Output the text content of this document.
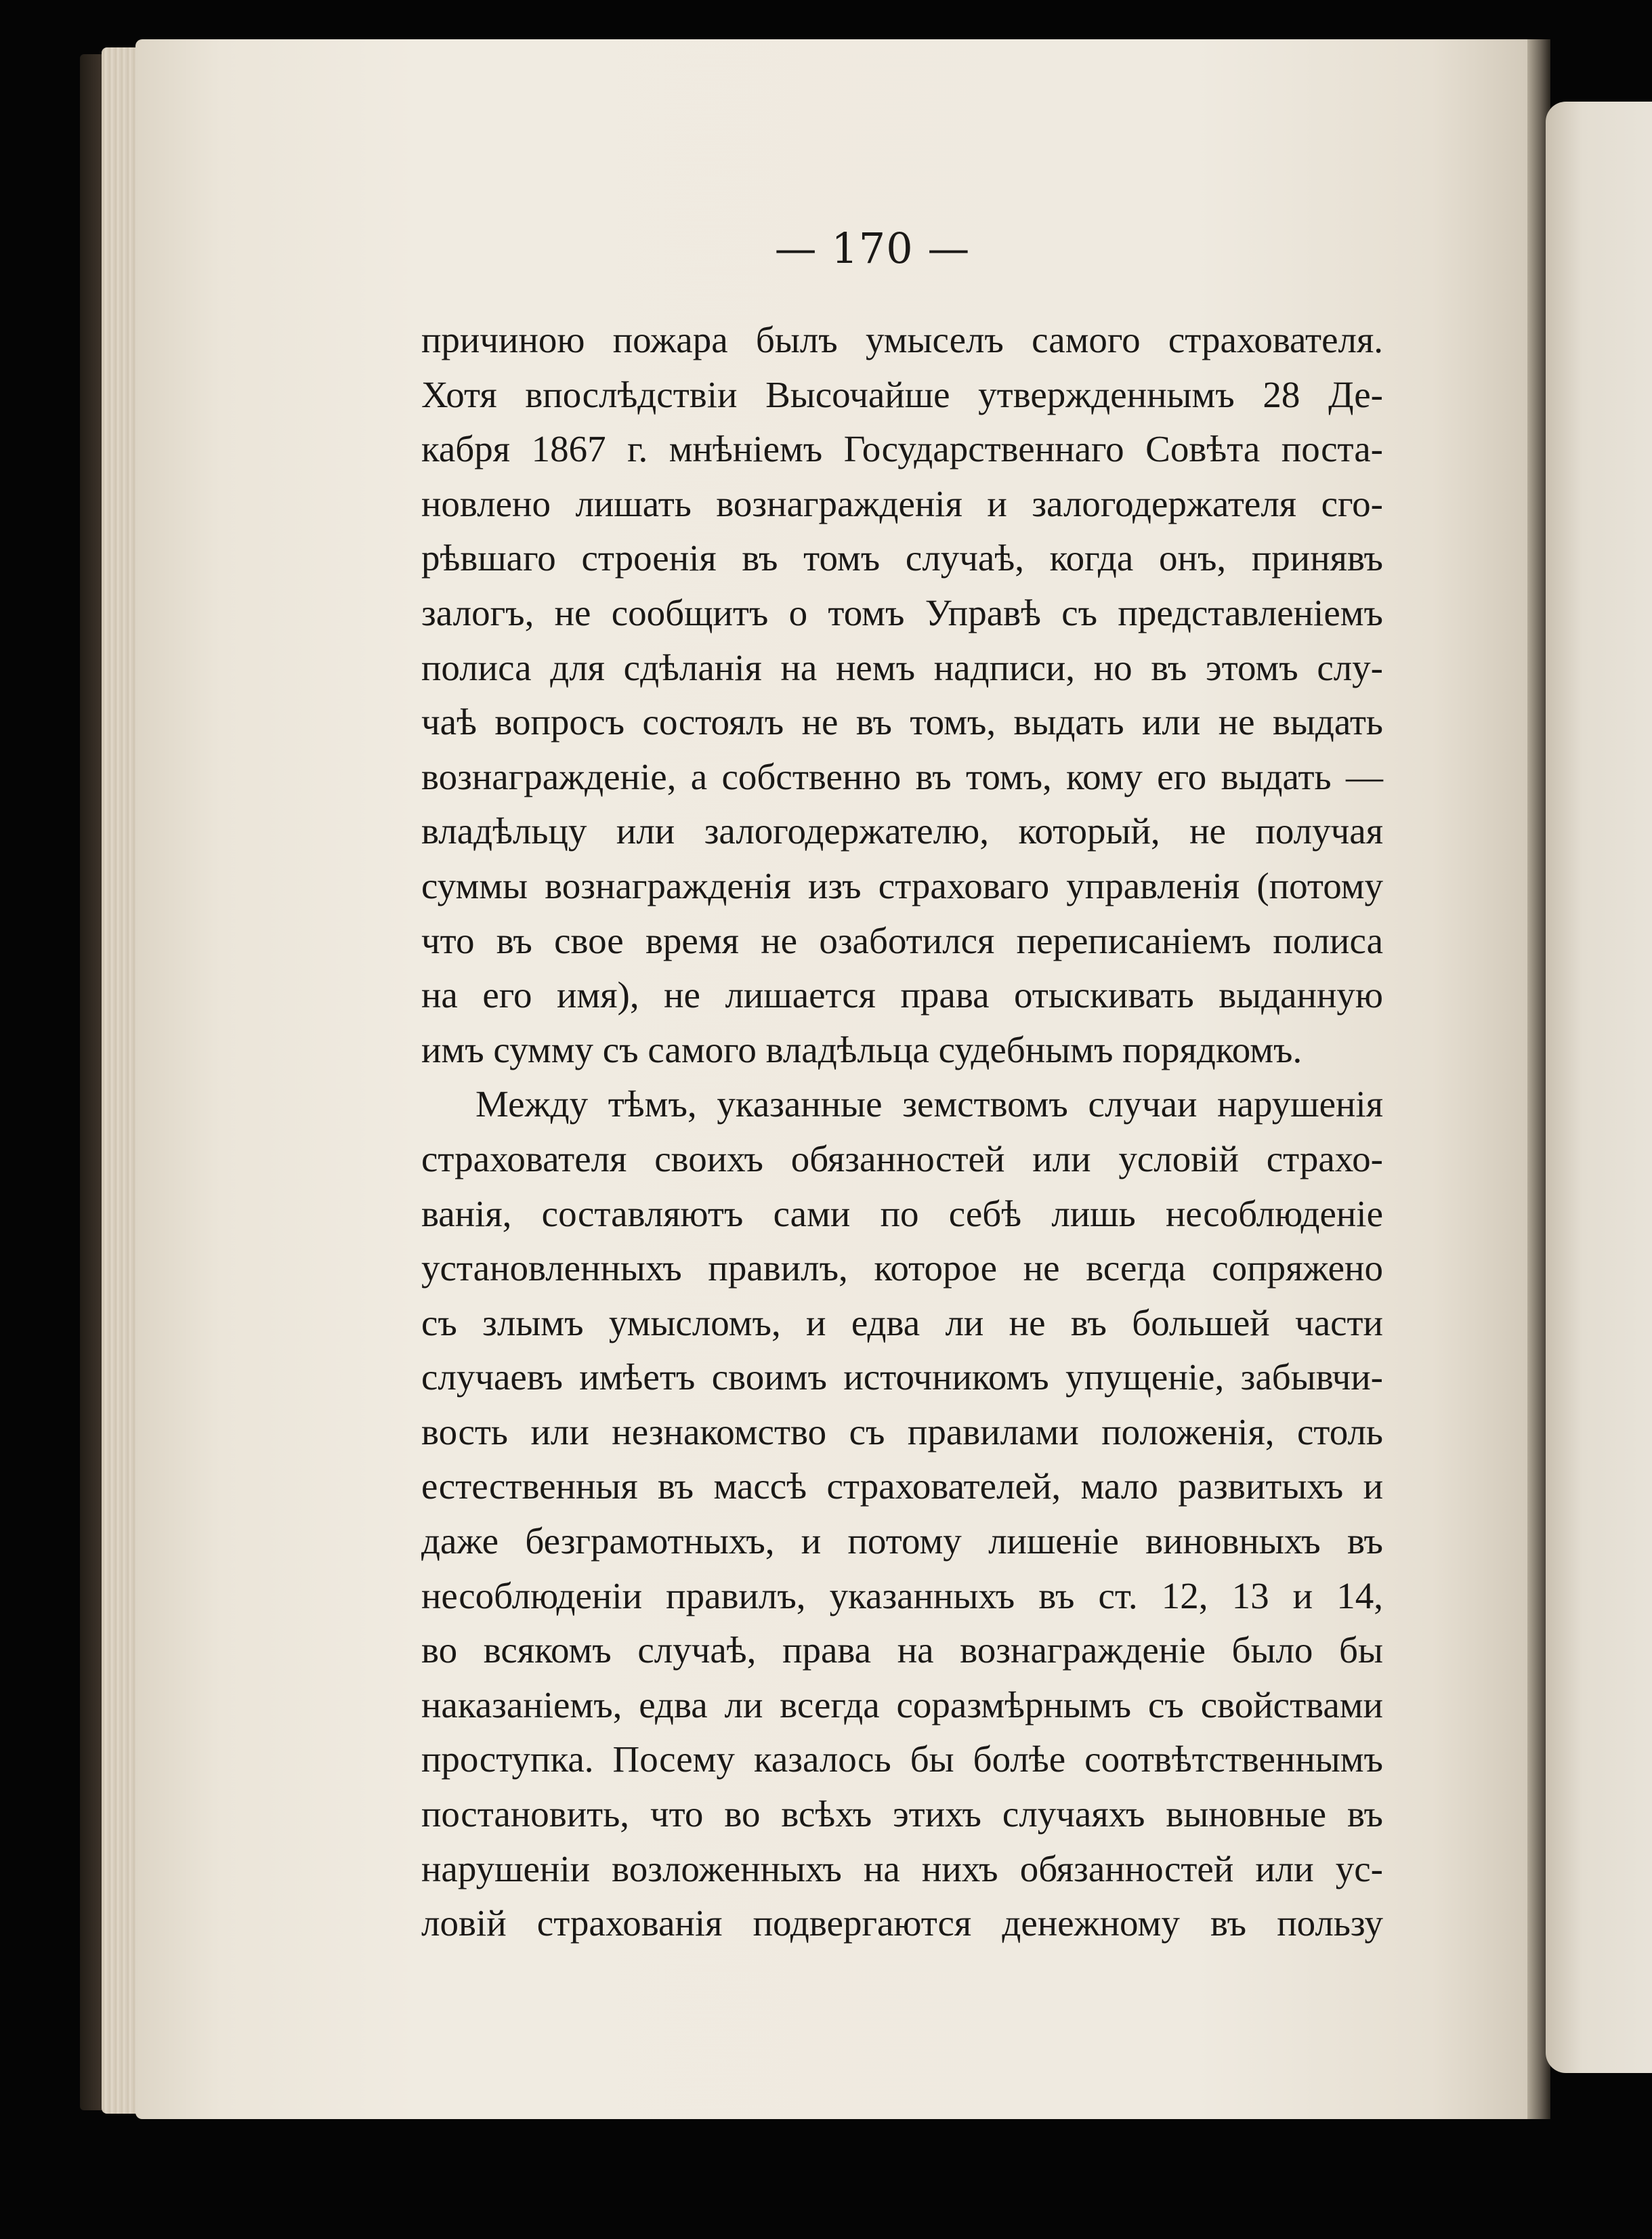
— 170 —
причиною пожара былъ умыселъ самого страхователя.
Хотя впослѣдствіи Высочайше утвержденнымъ 28 Де-
кабря 1867 г. мнѣніемъ Государственнаго Совѣта поста-
новлено лишать вознагражденія и залогодержателя сго-
рѣвшаго строенія въ томъ случаѣ, когда онъ, принявъ
залогъ, не сообщитъ о томъ Управѣ съ представленіемъ
полиса для сдѣланія на немъ надписи, но въ этомъ слу-
чаѣ вопросъ состоялъ не въ томъ, выдать или не выдать
вознагражденіе, а собственно въ томъ, кому его выдать —
владѣльцу или залогодержателю, который, не получая
суммы вознагражденія изъ страховаго управленія (потому
что въ свое время не озаботился переписаніемъ полиса
на его имя), не лишается права отыскивать выданную
имъ сумму съ самого владѣльца судебнымъ порядкомъ.
Между тѣмъ, указанные земствомъ случаи нарушенія
страхователя своихъ обязанностей или условій страхо-
ванія, составляютъ сами по себѣ лишь несоблюденіе
установленныхъ правилъ, которое не всегда сопряжено
съ злымъ умысломъ, и едва ли не въ большей части
случаевъ имѣетъ своимъ источникомъ упущеніе, забывчи-
вость или незнакомство съ правилами положенія, столь
естественныя въ массѣ страхователей, мало развитыхъ и
даже безграмотныхъ, и потому лишеніе виновныхъ въ
несоблюденіи правилъ, указанныхъ въ ст. 12, 13 и 14,
во всякомъ случаѣ, права на вознагражденіе было бы
наказаніемъ, едва ли всегда соразмѣрнымъ съ свойствами
проступка. Посему казалось бы болѣе соотвѣтственнымъ
постановить, что во всѣхъ этихъ случаяхъ выновные въ
нарушеніи возложенныхъ на нихъ обязанностей или ус-
ловій страхованія подвергаются денежному въ пользу
